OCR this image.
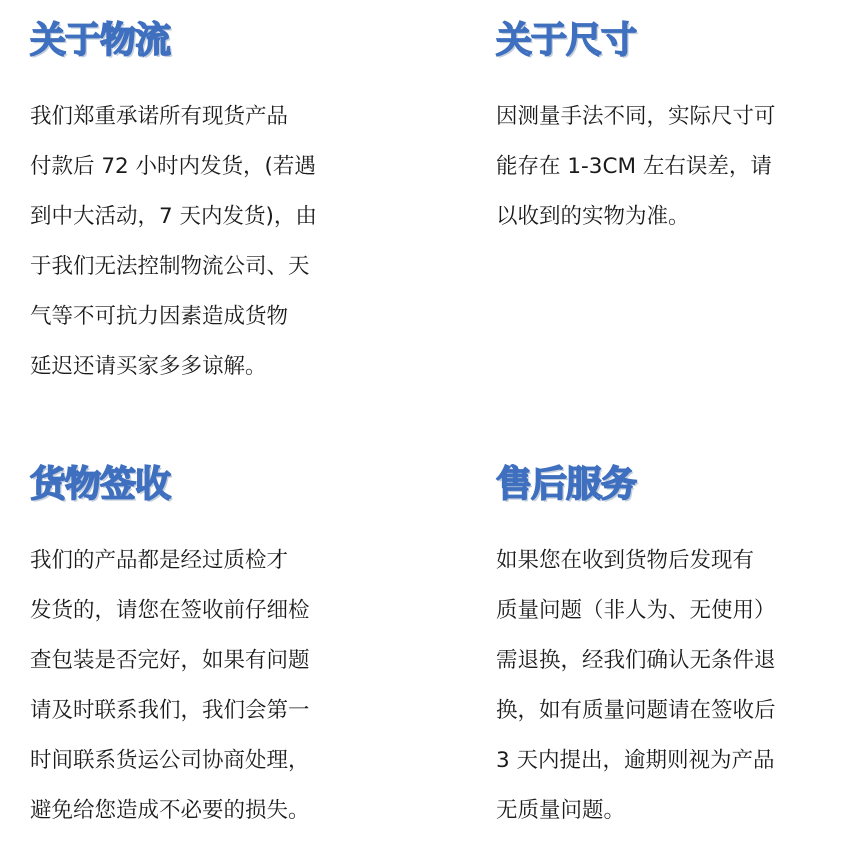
关于物流

我们郑重承诺所有现货产品
付款后 72 小时内发货，(若遇
到中大活动，7 天内发货)，由
于我们无法控制物流公司、天
气等不可抗力因素造成货物
延迟还请买家多多谅解。

关于尺寸

因测量手法不同，实际尺寸可
能存在 1-3CM 左右误差，请
以收到的实物为准。

货物签收

我们的产品都是经过质检才
发货的，请您在签收前仔细检
查包装是否完好，如果有问题
请及时联系我们，我们会第一
时间联系货运公司协商处理，
避免给您造成不必要的损失。

售后服务

如果您在收到货物后发现有
质量问题（非人为、无使用）
需退换，经我们确认无条件退
换，如有质量问题请在签收后
3 天内提出，逾期则视为产品
无质量问题。
